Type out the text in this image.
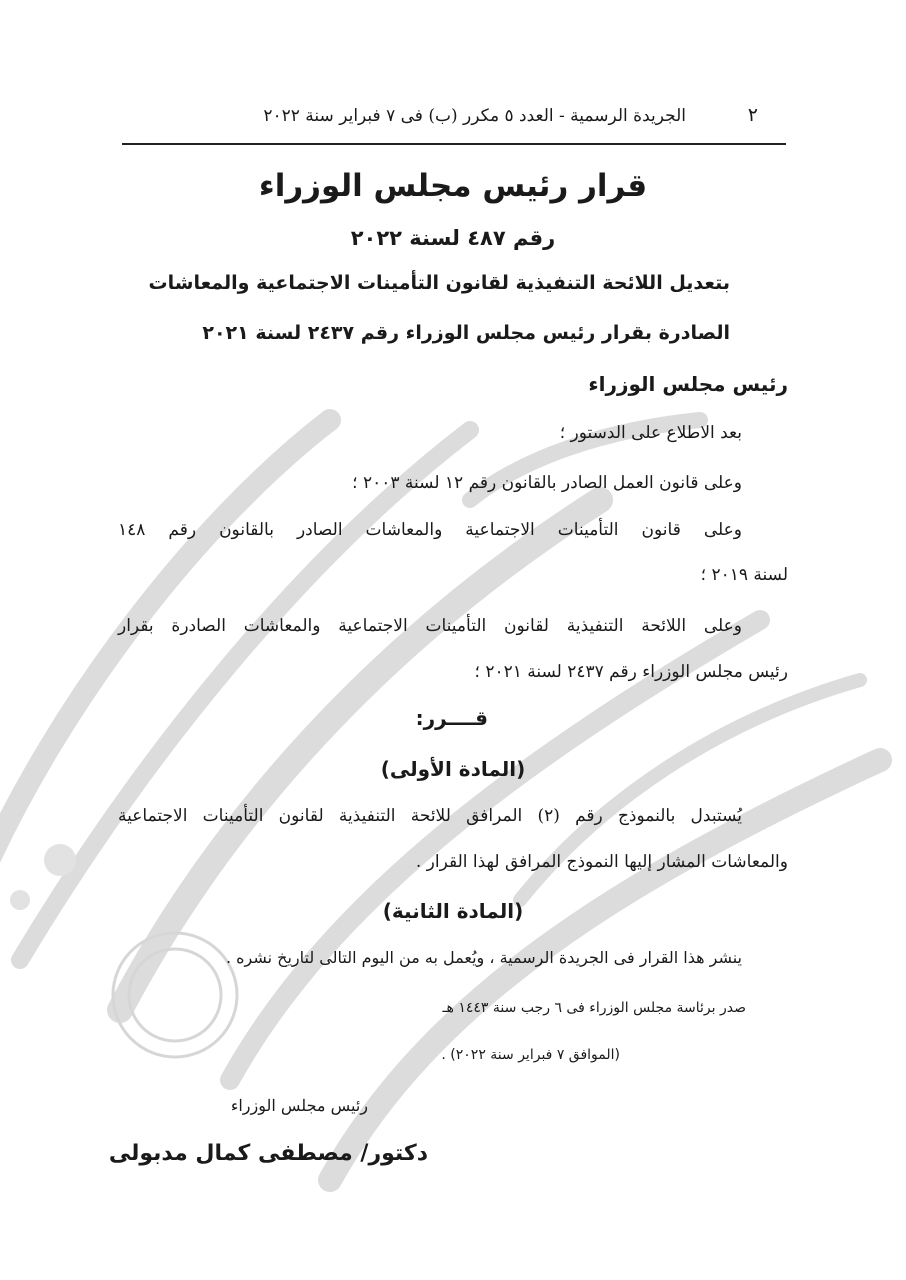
٢
الجريدة الرسمية - العدد ٥ مكرر (ب) فى ٧ فبراير سنة ٢٠٢٢
قرار رئيس مجلس الوزراء
رقم ٤٨٧ لسنة ٢٠٢٢
بتعديل اللائحة التنفيذية لقانون التأمينات الاجتماعية والمعاشات
الصادرة بقرار رئيس مجلس الوزراء رقم ٢٤٣٧ لسنة ٢٠٢١
رئيس مجلس الوزراء
بعد الاطلاع على الدستور ؛
وعلى قانون العمل الصادر بالقانون رقم ١٢ لسنة ٢٠٠٣ ؛
وعلى قانون التأمينات الاجتماعية والمعاشات الصادر بالقانون رقم ١٤٨
لسنة ٢٠١٩ ؛
وعلى اللائحة التنفيذية لقانون التأمينات الاجتماعية والمعاشات الصادرة بقرار
رئيس مجلس الوزراء رقم ٢٤٣٧ لسنة ٢٠٢١ ؛
قــــرر:
(المادة الأولى)
يُستبدل بالنموذج رقم (٢) المرافق للائحة التنفيذية لقانون التأمينات الاجتماعية
والمعاشات المشار إليها النموذج المرافق لهذا القرار .
(المادة الثانية)
ينشر هذا القرار فى الجريدة الرسمية ، ويُعمل به من اليوم التالى لتاريخ نشره .
صدر برئاسة مجلس الوزراء فى ٦ رجب سنة ١٤٤٣ هـ
(الموافق ٧ فبراير سنة ٢٠٢٢) .
رئيس مجلس الوزراء
دكتور/ مصطفى كمال مدبولى
